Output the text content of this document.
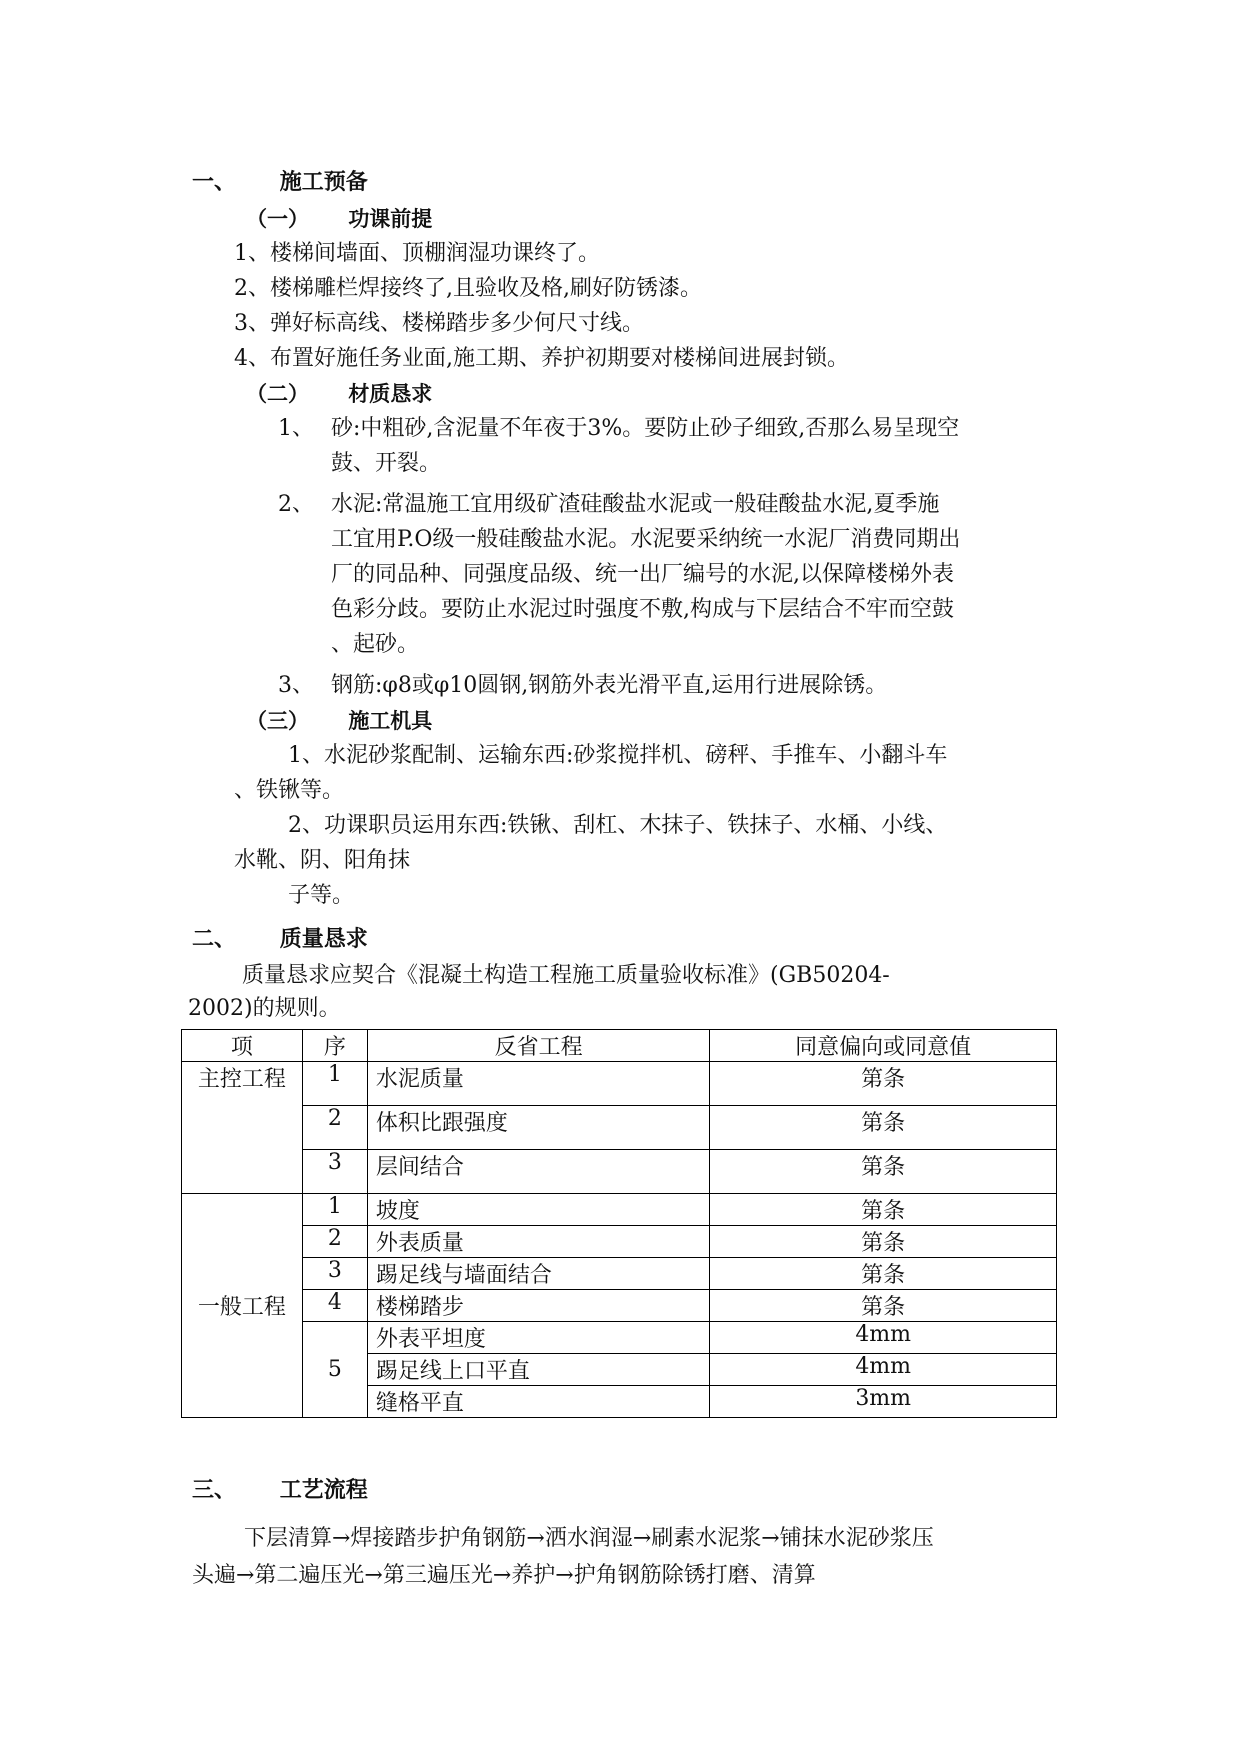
一、 施工预备
（一） 功课前提
1、楼梯间墙面、顶棚润湿功课终了。
2、楼梯雕栏焊接终了,且验收及格,刷好防锈漆。
3、弹好标高线、楼梯踏步多少何尺寸线。
4、布置好施任务业面,施工期、养护初期要对楼梯间进展封锁。
（二） 材质恳求
1、 砂:中粗砂,含泥量不年夜于3%。要防止砂子细致,否那么易呈现空
鼓、开裂。
2、 水泥:常温施工宜用级矿渣硅酸盐水泥或一般硅酸盐水泥,夏季施
工宜用P.O级一般硅酸盐水泥。水泥要采纳统一水泥厂消费同期出
厂的同品种、同强度品级、统一出厂编号的水泥,以保障楼梯外表
色彩分歧。要防止水泥过时强度不敷,构成与下层结合不牢而空鼓
、起砂。
3、 钢筋:φ8或φ10圆钢,钢筋外表光滑平直,运用行进展除锈。
（三） 施工机具
1、水泥砂浆配制、运输东西:砂浆搅拌机、磅秤、手推车、小翻斗车
、铁锹等。
2、功课职员运用东西:铁锹、刮杠、木抹子、铁抹子、水桶、小线、
水靴、阴、阳角抹
子等。
二、 质量恳求
质量恳求应契合《混凝土构造工程施工质量验收标准》(GB50204-
2002)的规则。
项	序	反省工程	同意偏向或同意值
主控工程	1	水泥质量	第条
	2	体积比跟强度	第条
	3	层间结合	第条
一般工程	1	坡度	第条
	2	外表质量	第条
	3	踢足线与墙面结合	第条
	4	楼梯踏步	第条
	5	外表平坦度	4mm
		踢足线上口平直	4mm
		缝格平直	3mm
三、 工艺流程
下层清算→焊接踏步护角钢筋→洒水润湿→刷素水泥浆→铺抹水泥砂浆压
头遍→第二遍压光→第三遍压光→养护→护角钢筋除锈打磨、清算
